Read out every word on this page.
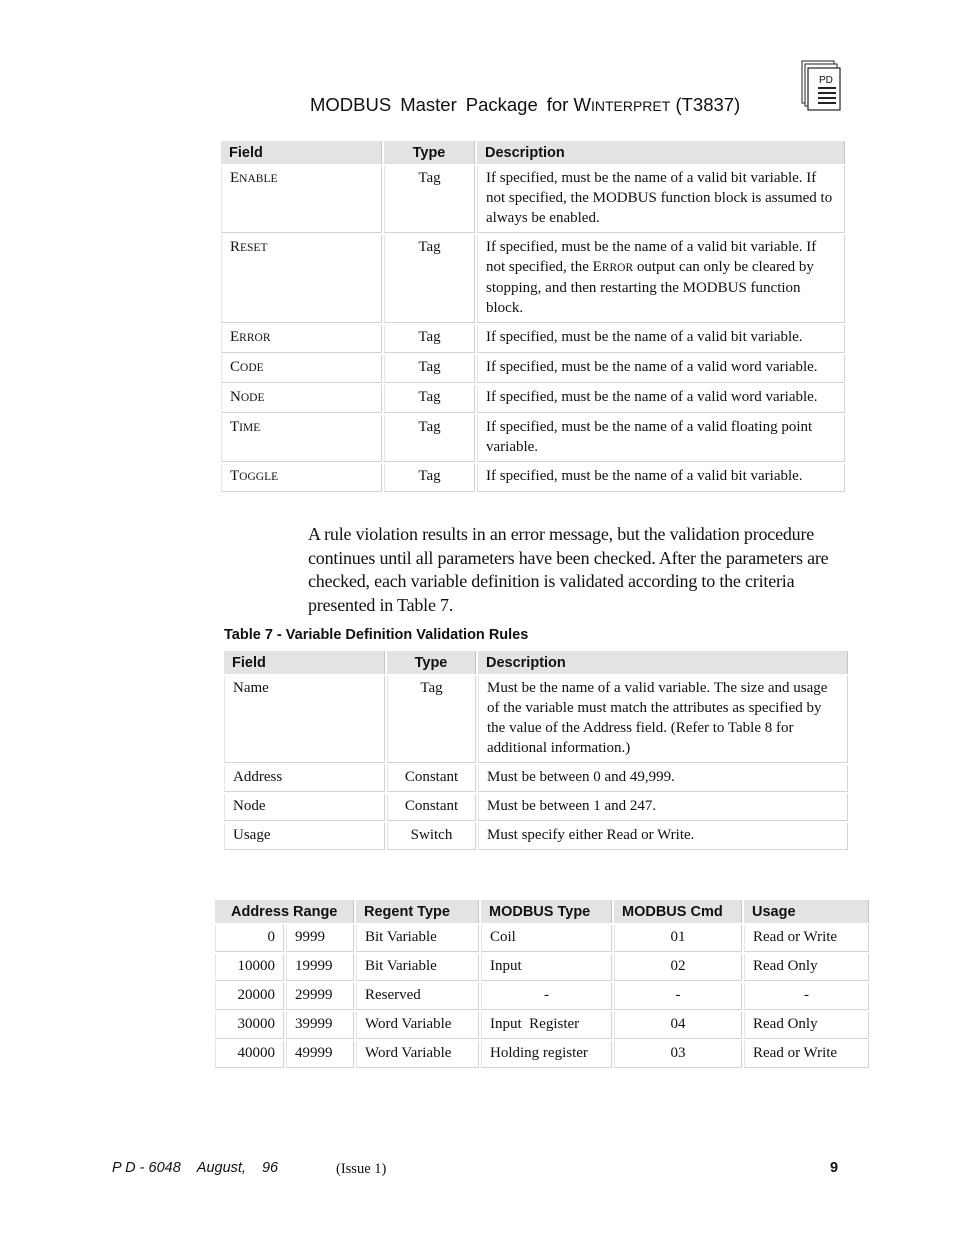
MODBUS Master Package for WINTERPRET (T3837)
PD
Field	Type	Description
ENABLE	Tag	If specified, must be the name of a valid bit variable. If not specified, the MODBUS function block is assumed to always be enabled.
RESET	Tag	If specified, must be the name of a valid bit variable. If not specified, the ERROR output can only be cleared by stopping, and then restarting the MODBUS function block.
ERROR	Tag	If specified, must be the name of a valid bit variable.
CODE	Tag	If specified, must be the name of a valid word variable.
NODE	Tag	If specified, must be the name of a valid word variable.
TIME	Tag	If specified, must be the name of a valid floating point variable.
TOGGLE	Tag	If specified, must be the name of a valid bit variable.
A rule violation results in an error message, but the validation procedure continues until all parameters have been checked. After the parameters are checked, each variable definition is validated according to the criteria presented in Table 7.
Table 7 - Variable Definition Validation Rules
Field	Type	Description
Name	Tag	Must be the name of a valid variable. The size and usage of the variable must match the attributes as specified by the value of the Address field. (Refer to Table 8 for additional information.)
Address	Constant	Must be between 0 and 49,999.
Node	Constant	Must be between 1 and 247.
Usage	Switch	Must specify either Read or Write.
Address Range		Regent Type	MODBUS Type	MODBUS Cmd	Usage
0	9999	Bit Variable	Coil	01	Read or Write
10000	19999	Bit Variable	Input	02	Read Only
20000	29999	Reserved	-	-	-
30000	39999	Word Variable	Input  Register	04	Read Only
40000	49999	Word Variable	Holding register	03	Read or Write
P D - 6048 August, 96	(Issue 1)	9
